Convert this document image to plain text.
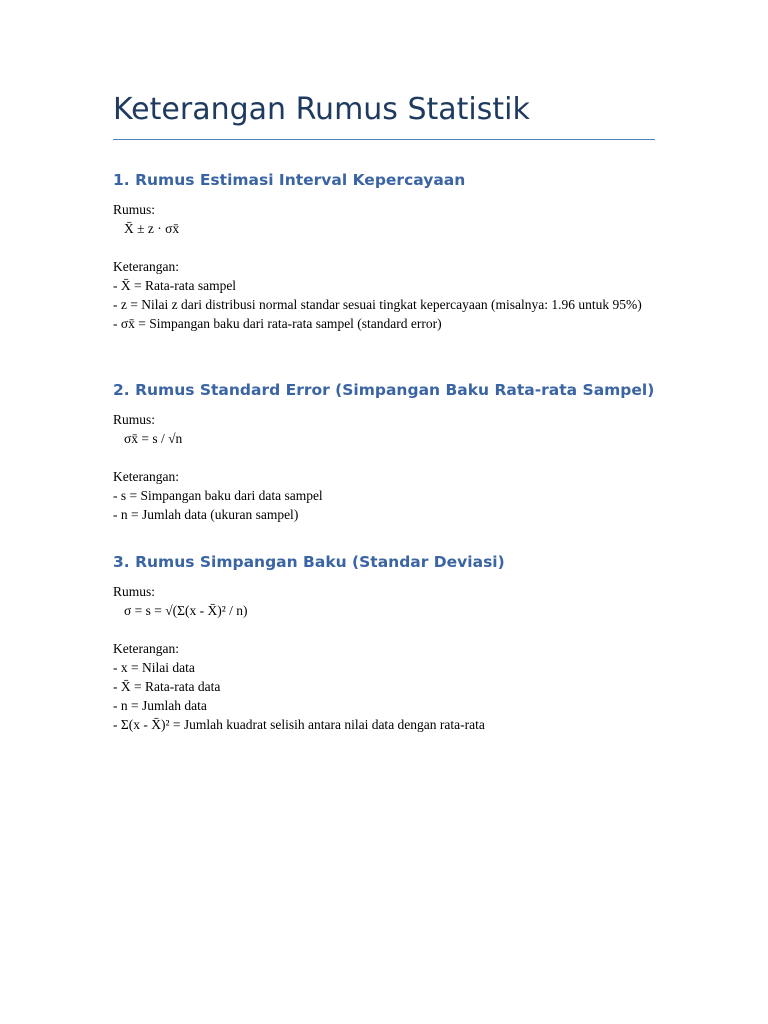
Keterangan Rumus Statistik
1. Rumus Estimasi Interval Kepercayaan

Rumus:

X̄ ± z · σx̄

Keterangan:

- X̄ = Rata-rata sampel

- z = Nilai z dari distribusi normal standar sesuai tingkat kepercayaan (misalnya: 1.96 untuk 95%)

- σx̄ = Simpangan baku dari rata-rata sampel (standard error)

2. Rumus Standard Error (Simpangan Baku Rata-rata Sampel)

Rumus:

σx̄ = s / √n

Keterangan:

- s = Simpangan baku dari data sampel

- n = Jumlah data (ukuran sampel)

3. Rumus Simpangan Baku (Standar Deviasi)

Rumus:

σ = s = √(Σ(x - X̄)² / n)

Keterangan:

- x = Nilai data

- X̄ = Rata-rata data

- n = Jumlah data

- Σ(x - X̄)² = Jumlah kuadrat selisih antara nilai data dengan rata-rata
